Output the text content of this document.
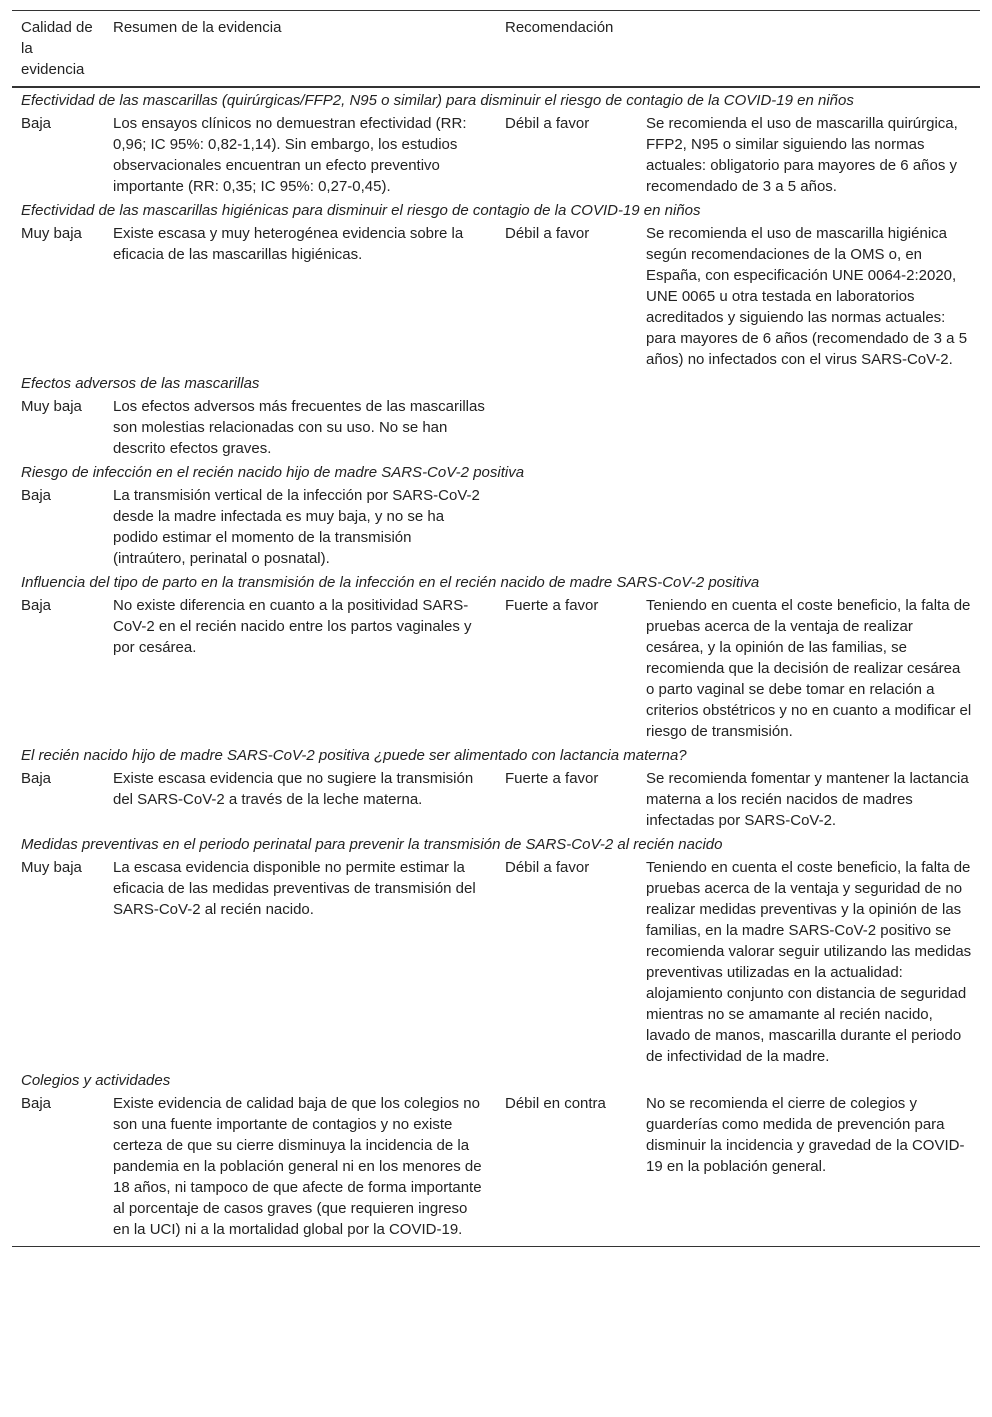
Calidad de la evidencia	Resumen de la evidencia	Recomendación	
Efectividad de las mascarillas (quirúrgicas/FFP2, N95 o similar) para disminuir el riesgo de contagio de la COVID-19 en niños			
Baja	Los ensayos clínicos no demuestran efectividad (RR: 0,96; IC 95%: 0,82-1,14). Sin embargo, los estudios observacionales encuentran un efecto preventivo importante (RR: 0,35; IC 95%: 0,27-0,45).	Débil a favor	Se recomienda el uso de mascarilla quirúrgica, FFP2, N95 o similar siguiendo las normas actuales: obligatorio para mayores de 6 años y recomendado de 3 a 5 años.
Efectividad de las mascarillas higiénicas para disminuir el riesgo de contagio de la COVID-19 en niños			
Muy baja	Existe escasa y muy heterogénea evidencia sobre la eficacia de las mascarillas higiénicas.	Débil a favor	Se recomienda el uso de mascarilla higiénica según recomendaciones de la OMS o, en España, con especificación UNE 0064-2:2020, UNE 0065 u otra testada en laboratorios acreditados y siguiendo las normas actuales: para mayores de 6 años (recomendado de 3 a 5 años) no infectados con el virus SARS-CoV-2.
Efectos adversos de las mascarillas			
Muy baja	Los efectos adversos más frecuentes de las mascarillas son molestias relacionadas con su uso. No se han descrito efectos graves.		
Riesgo de infección en el recién nacido hijo de madre SARS-CoV-2 positiva			
Baja	La transmisión vertical de la infección por SARS-CoV-2 desde la madre infectada es muy baja, y no se ha podido estimar el momento de la transmisión (intraútero, perinatal o posnatal).		
Influencia del tipo de parto en la transmisión de la infección en el recién nacido de madre SARS-CoV-2 positiva			
Baja	No existe diferencia en cuanto a la positividad SARS-CoV-2 en el recién nacido entre los partos vaginales y por cesárea.	Fuerte a favor	Teniendo en cuenta el coste beneficio, la falta de pruebas acerca de la ventaja de realizar cesárea, y la opinión de las familias, se recomienda que la decisión de realizar cesárea o parto vaginal se debe tomar en relación a criterios obstétricos y no en cuanto a modificar el riesgo de transmisión.
El recién nacido hijo de madre SARS-CoV-2 positiva ¿puede ser alimentado con lactancia materna?			
Baja	Existe escasa evidencia que no sugiere la transmisión del SARS-CoV-2 a través de la leche materna.	Fuerte a favor	Se recomienda fomentar y mantener la lactancia materna a los recién nacidos de madres infectadas por SARS-CoV-2.
Medidas preventivas en el periodo perinatal para prevenir la transmisión de SARS-CoV-2 al recién nacido			
Muy baja	La escasa evidencia disponible no permite estimar la eficacia de las medidas preventivas de transmisión del SARS-CoV-2 al recién nacido.	Débil a favor	Teniendo en cuenta el coste beneficio, la falta de pruebas acerca de la ventaja y seguridad de no realizar medidas preventivas y la opinión de las familias, en la madre SARS-CoV-2 positivo se recomienda valorar seguir utilizando las medidas preventivas utilizadas en la actualidad: alojamiento conjunto con distancia de seguridad mientras no se amamante al recién nacido, lavado de manos, mascarilla durante el periodo de infectividad de la madre.
Colegios y actividades			
Baja	Existe evidencia de calidad baja de que los colegios no son una fuente importante de contagios y no existe certeza de que su cierre disminuya la incidencia de la pandemia en la población general ni en los menores de 18 años, ni tampoco de que afecte de forma importante al porcentaje de casos graves (que requieren ingreso en la UCI) ni a la mortalidad global por la COVID-19.	Débil en contra	No se recomienda el cierre de colegios y guarderías como medida de prevención para disminuir la incidencia y gravedad de la COVID-19 en la población general.
